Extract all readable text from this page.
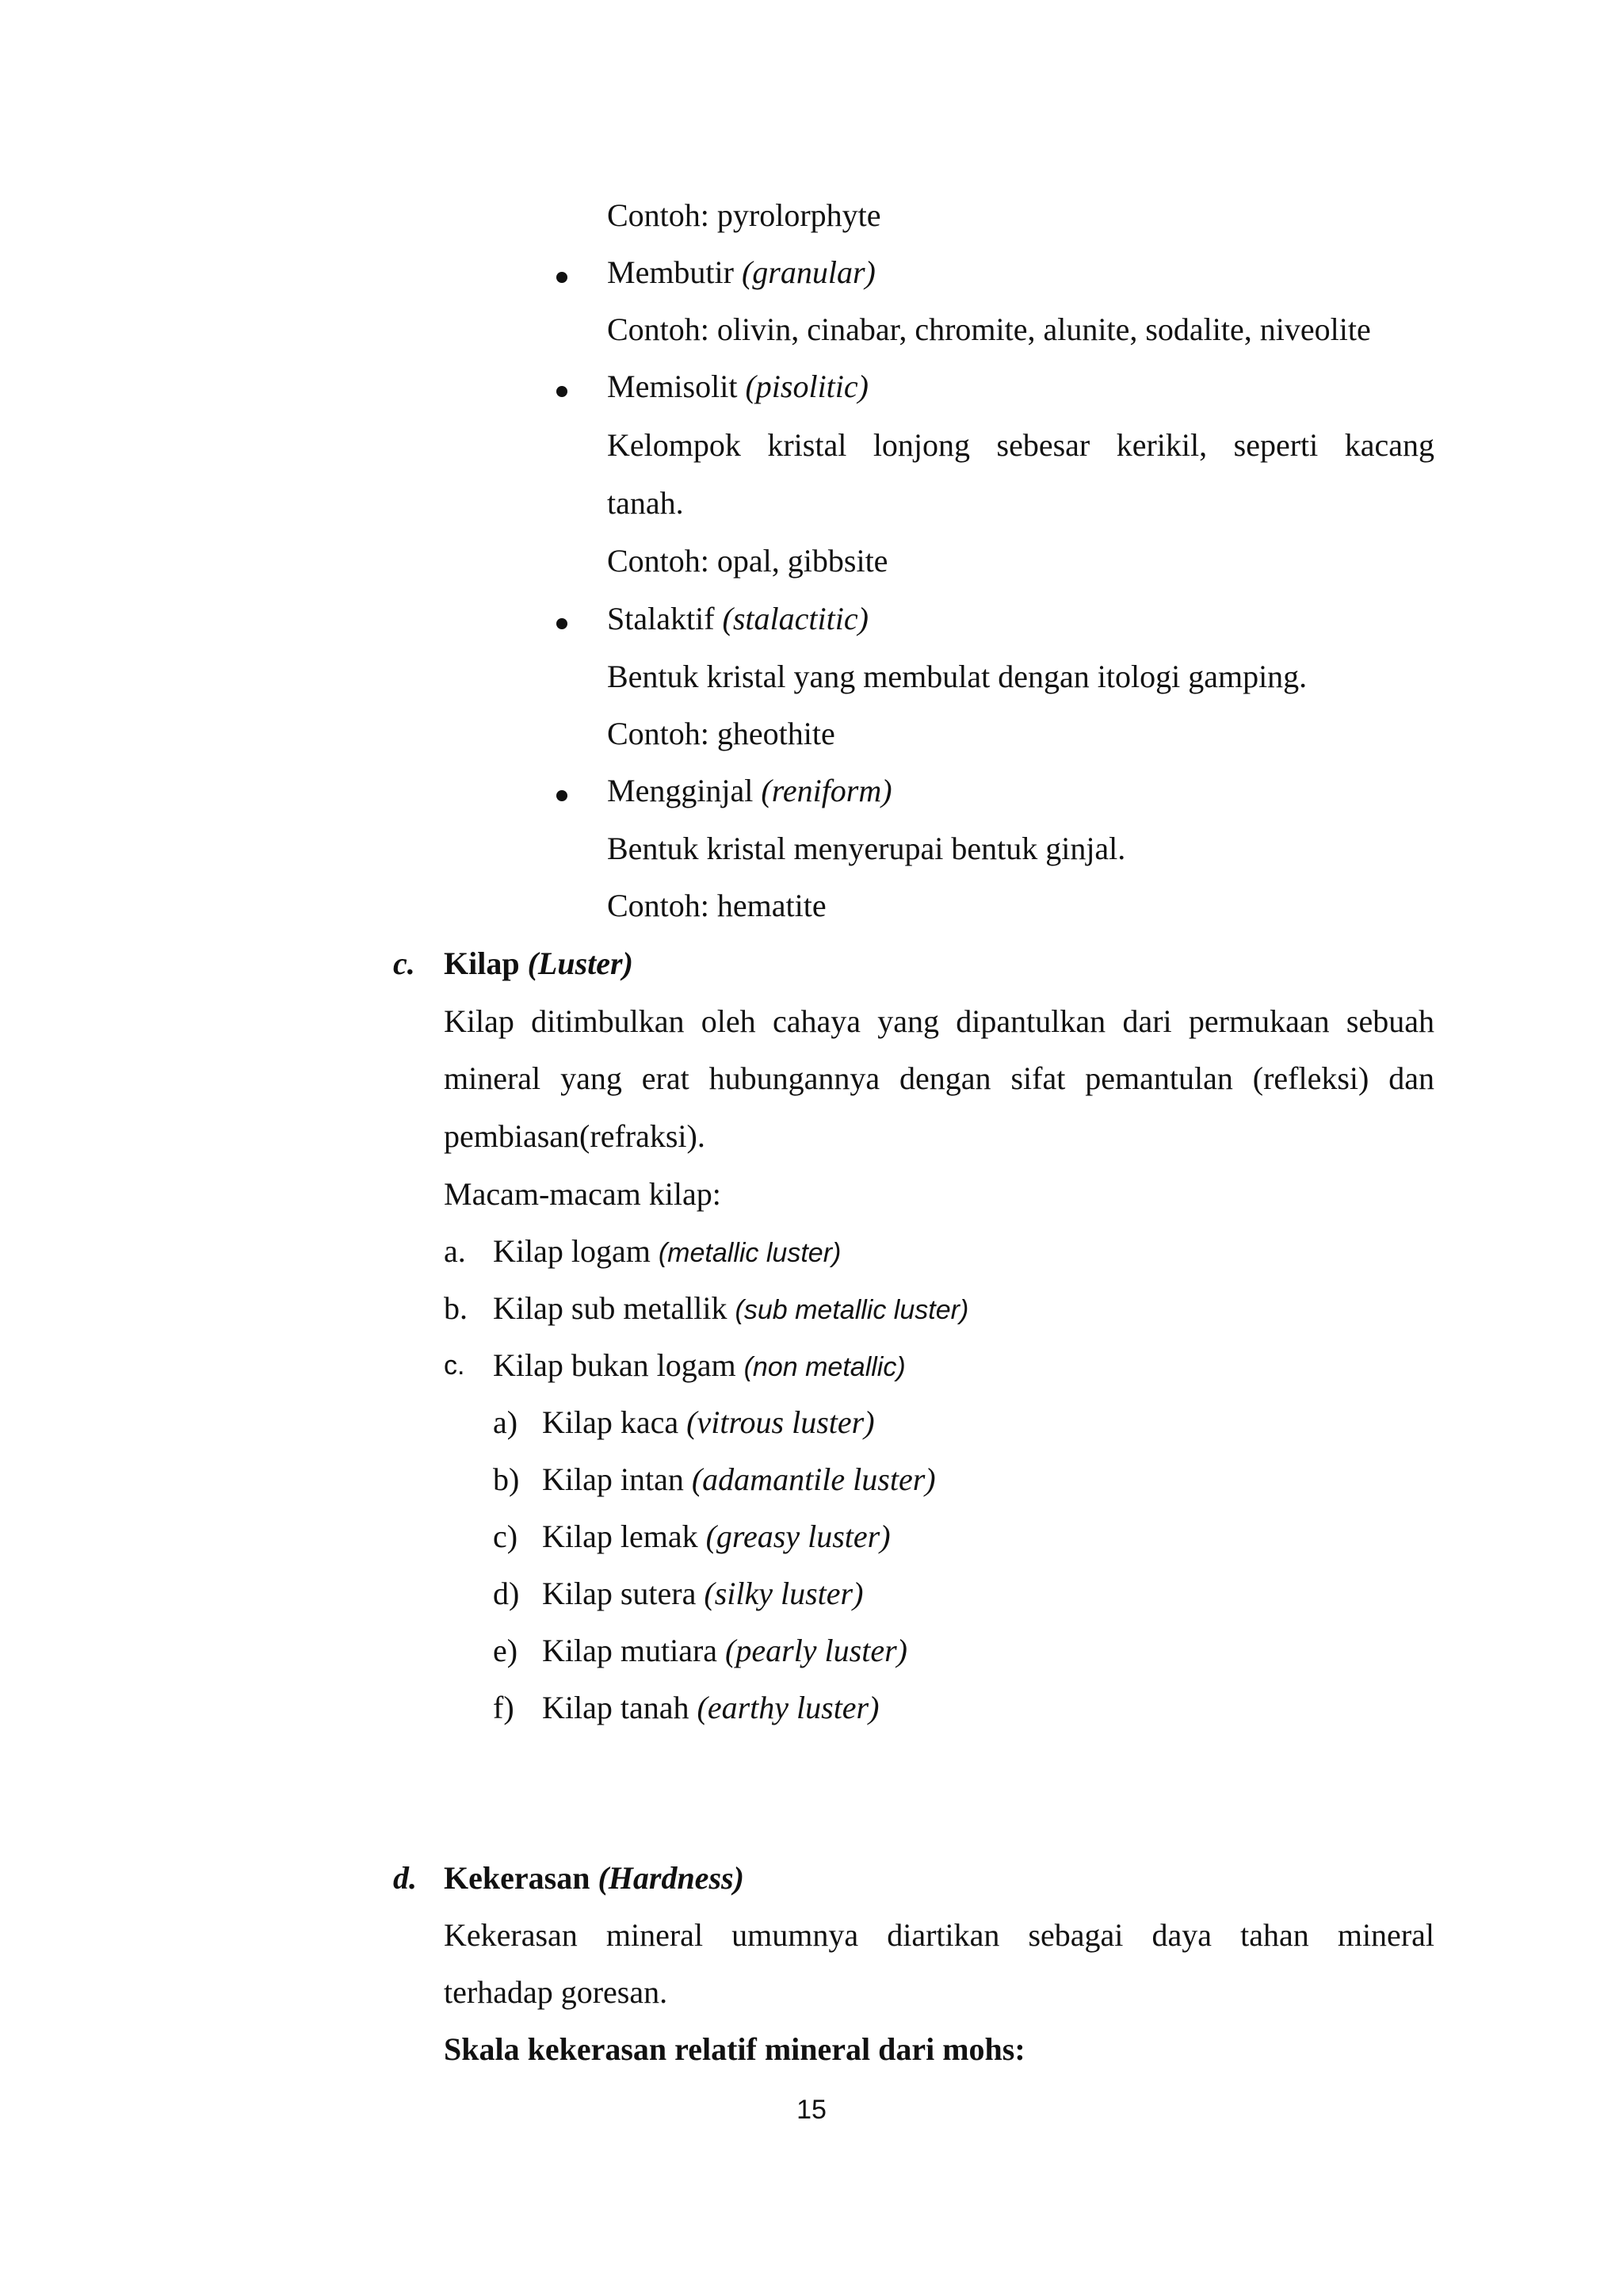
Contoh: pyrolorphyte
Membutir (granular)
Contoh: olivin, cinabar, chromite, alunite, sodalite, niveolite
Memisolit (pisolitic)
Kelompok kristal lonjong sebesar kerikil, seperti kacang
tanah.
Contoh: opal, gibbsite
Stalaktif (stalactitic)
Bentuk kristal yang membulat dengan itologi gamping.
Contoh: gheothite
Mengginjal (reniform)
Bentuk kristal menyerupai bentuk ginjal.
Contoh: hematite
c. Kilap (Luster)
Kilap ditimbulkan oleh cahaya yang dipantulkan dari permukaan sebuah
mineral yang erat hubungannya dengan sifat pemantulan (refleksi) dan
pembiasan(refraksi).
Macam-macam kilap:
a. Kilap logam (metallic luster)
b. Kilap sub metallik (sub metallic luster)
c. Kilap bukan logam (non metallic)
a) Kilap kaca (vitrous luster)
b) Kilap intan (adamantile luster)
c) Kilap lemak (greasy luster)
d) Kilap sutera (silky luster)
e) Kilap mutiara (pearly luster)
f) Kilap tanah (earthy luster)
d. Kekerasan (Hardness)
Kekerasan mineral umumnya diartikan sebagai daya tahan mineral
terhadap goresan.
Skala kekerasan relatif mineral dari mohs:
15
